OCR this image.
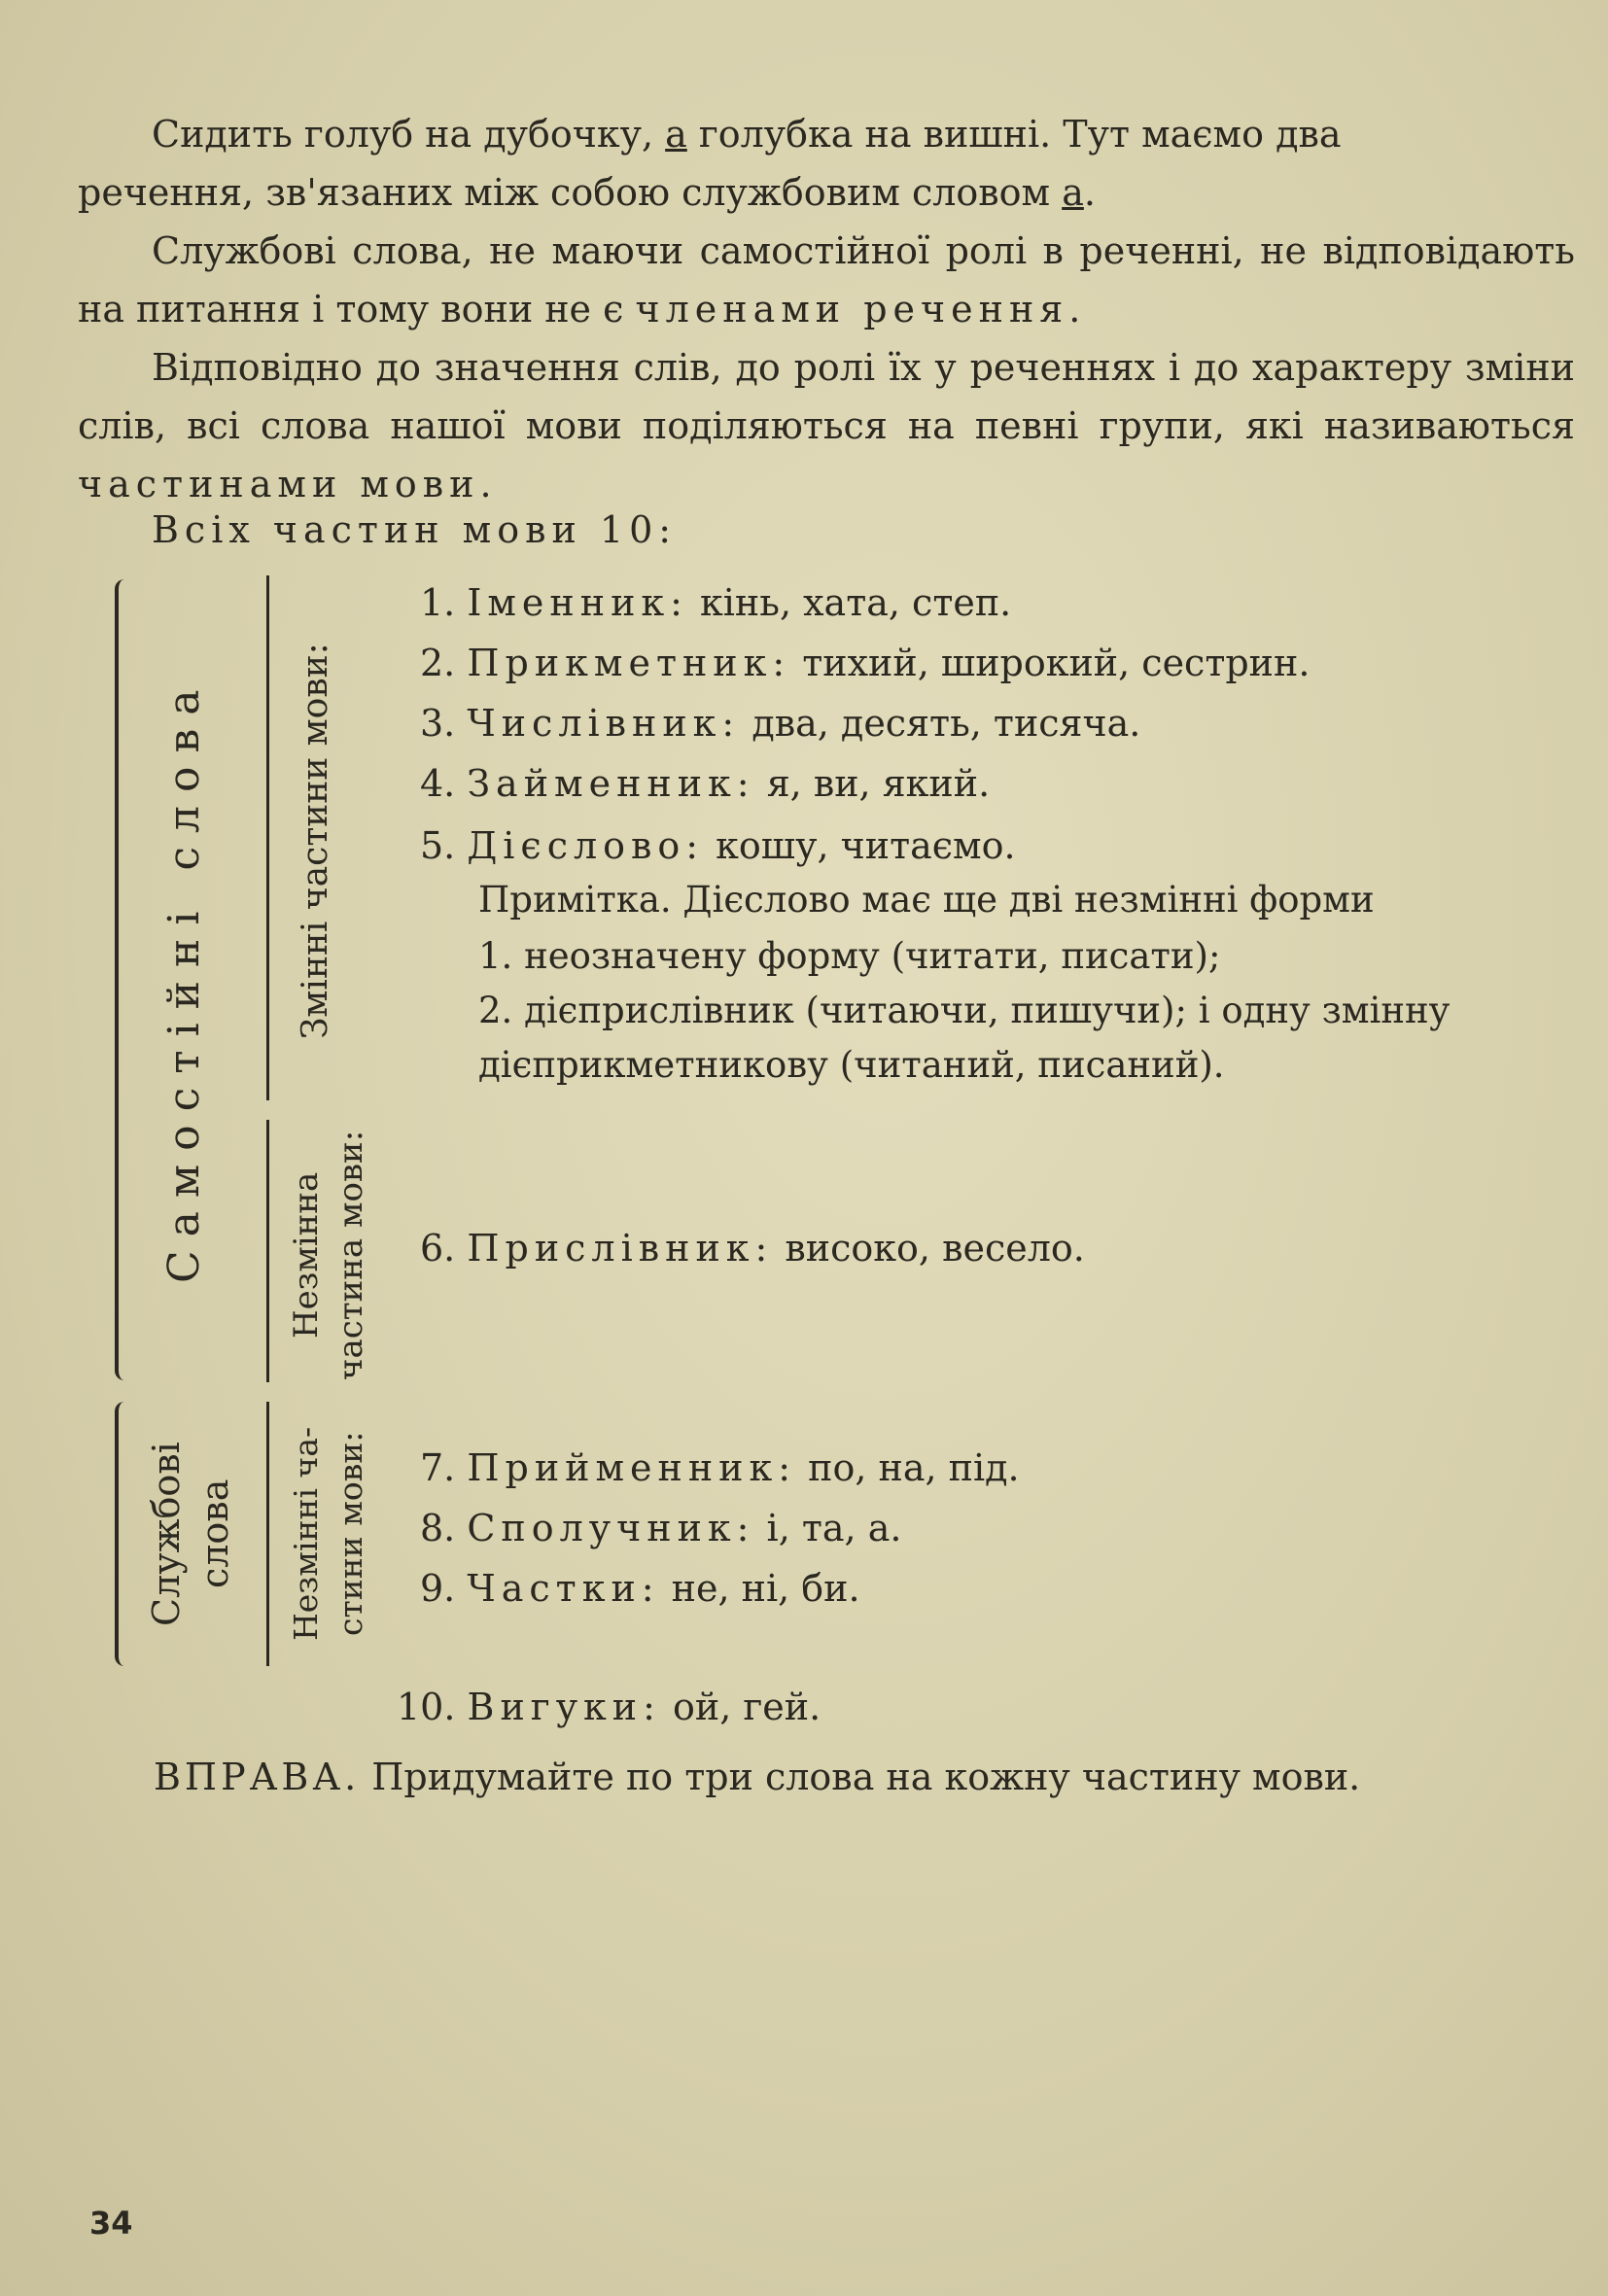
Сидить голуб на дубочку, а голубка на вишні. Тут маємо два

речення, зв'язаних між собою службовим словом а.

Службові слова, не маючи самостійної ролі в реченні, не відповідають на питання і тому вони не є членами речення.

Відповідно до значення слів, до ролі їх у реченнях і до характеру зміни слів, всі слова нашої мови поділяються на певні групи, які називаються частинами мови.

Всіх частин мови 10:

Самостійні слова Змінні частини мови:
Незмінна частина мови:
Службові слова	Незмінні ча- стини мови:
1. Іменник: кінь, хата, степ.
2. Прикметник: тихий, широкий, сестрин.
3. Числівник: два, десять, тисяча.
4. Займенник: я, ви, який.
5. Дієслово: кошу, читаємо.
Примітка. Дієслово має ще дві незмінні форми
1. неозначену форму (читати, писати);
2. дієприслівник (читаючи, пишучи); і одну змінну
дієприкметникову (читаний, писаний).
6. Прислівник: високо, весело.
7. Прийменник: по, на, під.
8. Сполучник: і, та, а.
9. Частки: не, ні, би.
10. Вигуки: ой, гей.
ВПРАВА. Придумайте по три слова на кожну частину мови.
34
